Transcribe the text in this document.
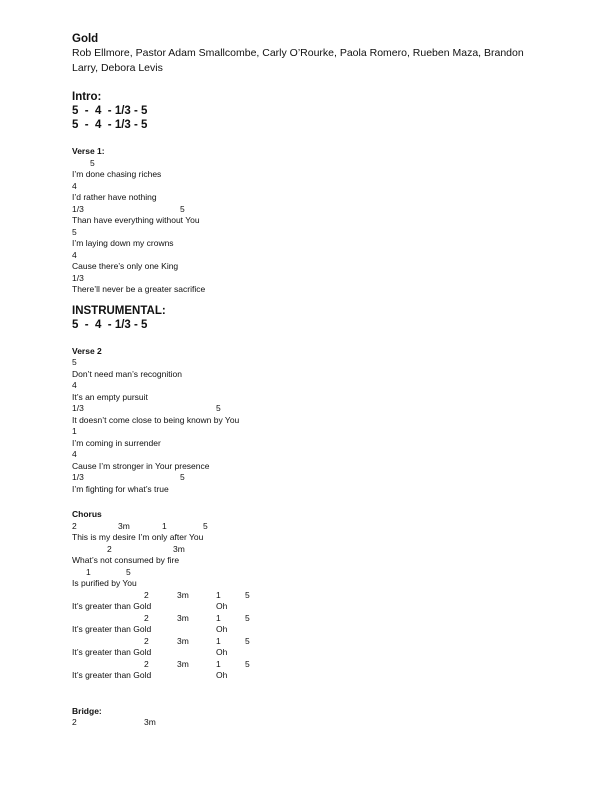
Gold
Rob Ellmore, Pastor Adam Smallcombe, Carly O’Rourke, Paola Romero, Rueben Maza, Brandon Larry, Debora Levis
Intro:
5  -  4  - 1/3 - 5
5  -  4  - 1/3 - 5
Verse 1:
5
I’m done chasing riches
4
I’d rather have nothing
1/3	5
Than have everything without You
5
I’m laying down my crowns
4
Cause there’s only one King
1/3
There’ll never be a greater sacrifice
INSTRUMENTAL:
5  -  4  - 1/3 - 5
Verse 2
5
Don’t need man’s recognition
4
It’s an empty pursuit
1/3	5
It doesn’t come close to being known by You
1
I’m coming in surrender
4
Cause I’m stronger in Your presence
1/3	5
I’m fighting for what’s true
Chorus
2	3m	1	5
This is my desire I’m only after You
2	3m
What’s not consumed by fire
1	5
Is purified by You
2	3m	1	5
It’s greater than Gold	Oh
2	3m	1	5
It’s greater than Gold	Oh
2	3m	1	5
It’s greater than Gold	Oh
2	3m	1	5
It’s greater than Gold	Oh
Bridge:
2	3m
